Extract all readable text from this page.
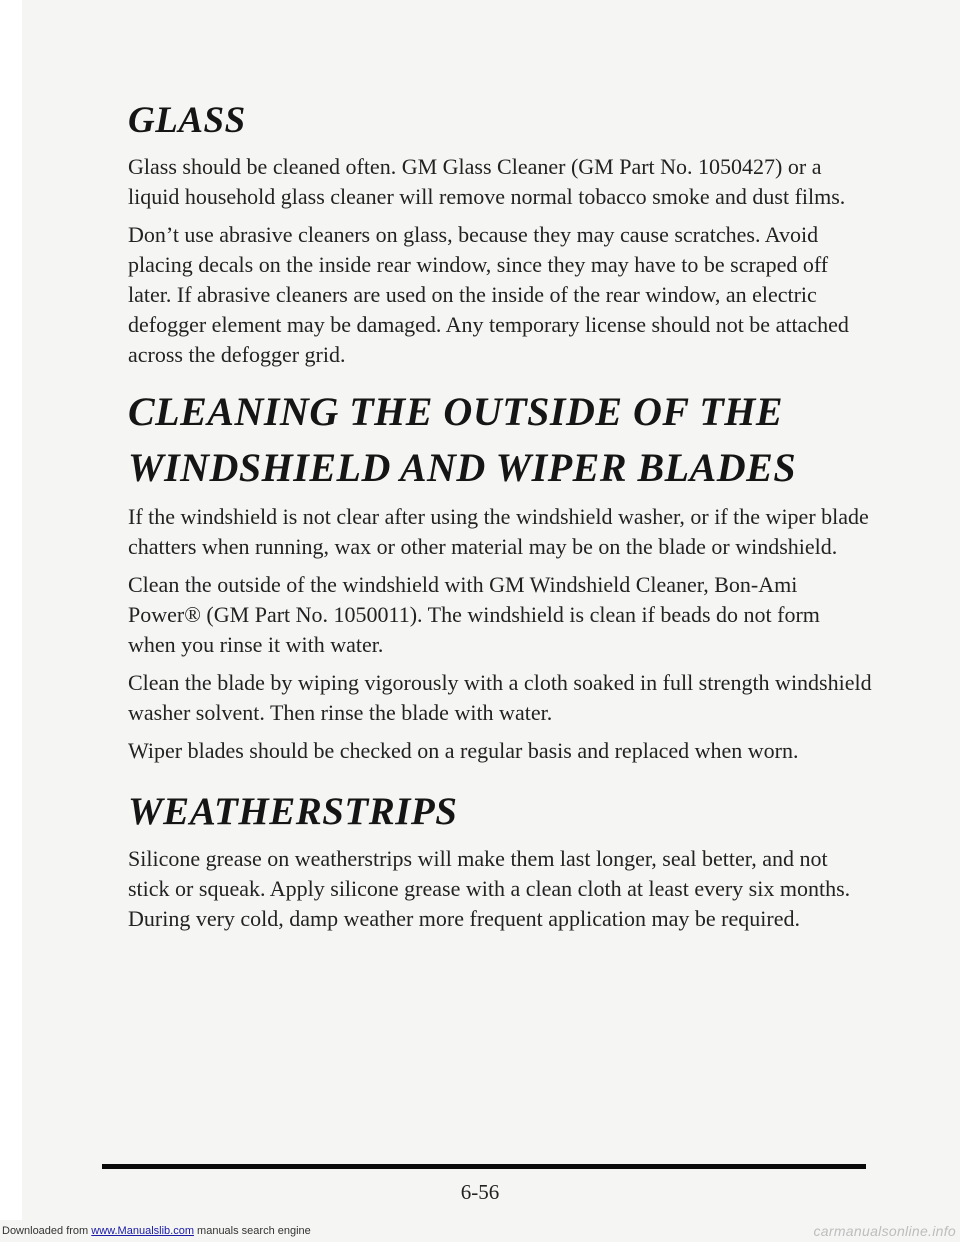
GLASS

Glass should be cleaned often. GM Glass Cleaner (GM Part No. 1050427) or a liquid household glass cleaner will remove normal tobacco smoke and dust films.

Don’t use abrasive cleaners on glass, because they may cause scratches. Avoid placing decals on the inside rear window, since they may have to be scraped off later. If abrasive cleaners are used on the inside of the rear window, an electric defogger element may be damaged. Any temporary license should not be attached across the defogger grid.

CLEANING THE OUTSIDE OF THE WINDSHIELD AND WIPER BLADES

If the windshield is not clear after using the windshield washer, or if the wiper blade chatters when running, wax or other material may be on the blade or windshield.

Clean the outside of the windshield with GM Windshield Cleaner, Bon-Ami Power® (GM Part No. 1050011). The windshield is clean if beads do not form when you rinse it with water.

Clean the blade by wiping vigorously with a cloth soaked in full strength windshield washer solvent. Then rinse the blade with water.

Wiper blades should be checked on a regular basis and replaced when worn.

WEATHERSTRIPS

Silicone grease on weatherstrips will make them last longer, seal better, and not stick or squeak. Apply silicone grease with a clean cloth at least every six months. During very cold, damp weather more frequent application may be required.

6-56
Downloaded from www.Manualslib.com manuals search engine	carmanualsonline.info
